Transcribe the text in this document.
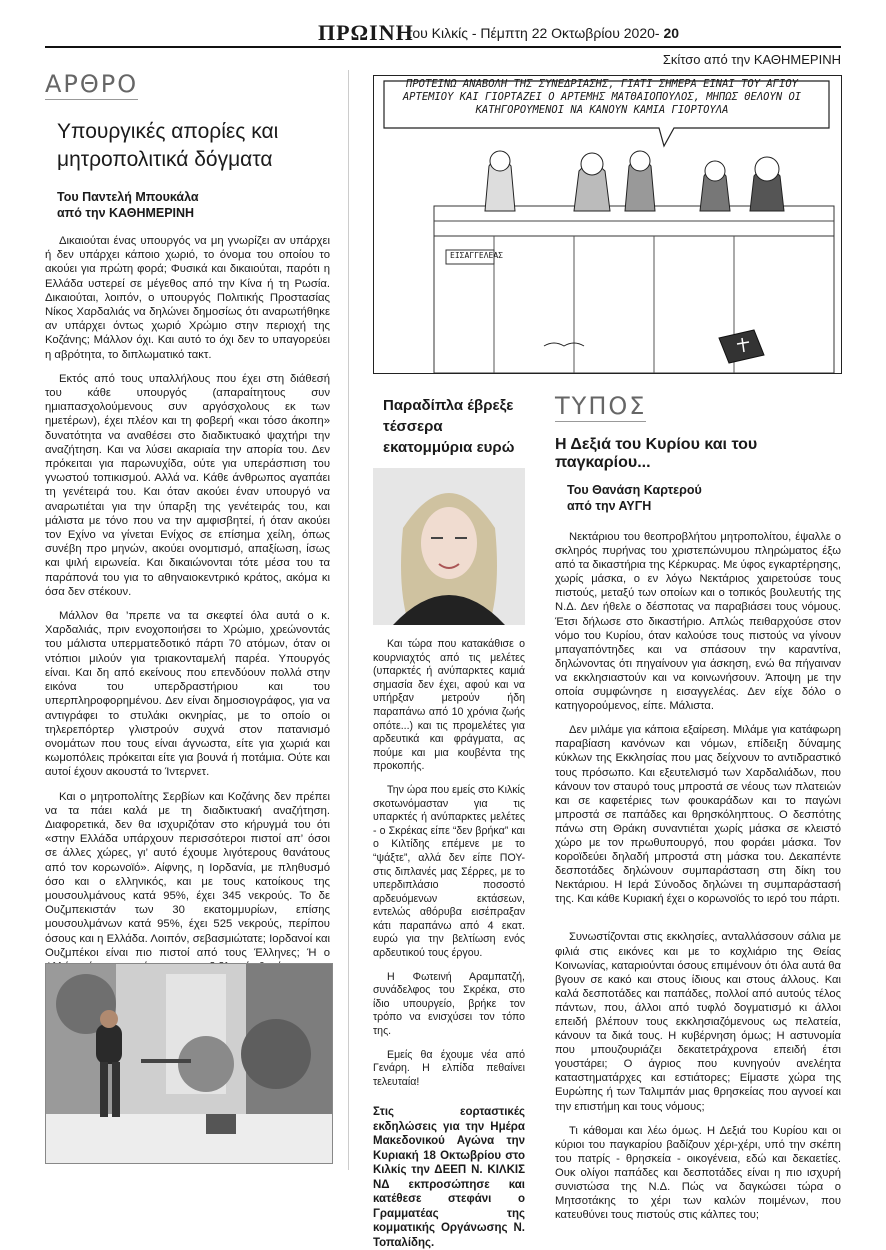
ΠΡΩΙΝΗ
του Κιλκίς - Πέμπτη 22 Οκτωβρίου 2020- 20
Σκίτσο από την ΚΑΘΗΜΕΡΙΝΗ
ΑΡΘΡΟ
Υπουργικές απορίες και μητροπολιτικά δόγματα
Του Παντελή Μπουκάλα
από την ΚΑΘΗΜΕΡΙΝΗ

Δικαιούται ένας υπουργός να μη γνωρίζει αν υπάρχει ή δεν υπάρχει κάποιο χωριό, το όνομα του οποίου το ακούει για πρώτη φορά; Φυσικά και δικαιούται, παρότι η Ελλάδα υστερεί σε μέγεθος από την Κίνα ή τη Ρωσία. Δικαιούται, λοιπόν, ο υπουργός Πολιτικής Προστασίας Νίκος Χαρδαλιάς να δηλώνει δημοσίως ότι αναρωτήθηκε αν υπάρχει όντως χωριό Χρώμιο στην περιοχή της Κοζάνης; Μάλλον όχι. Και αυτό το όχι δεν το υπαγορεύει η αβρότητα, το διπλωματικό τακτ.

Εκτός από τους υπαλλήλους που έχει στη διάθεσή του κάθε υπουργός (απαραίτητους συν ημιαπασχολούμενους συν αργόσχολους εκ των ημετέρων), έχει πλέον και τη φοβερή «και τόσο άκοπη» δυνατότητα να αναθέσει στο διαδικτυακό ψαχτήρι την αναζήτηση. Και να λύσει ακαριαία την απορία του. Δεν πρόκειται για παρωνυχίδα, ούτε για υπεράσπιση του γνωστού τοπικισμού. Αλλά να. Κάθε άνθρωπος αγαπάει τη γενέτειρά του. Και όταν ακούει έναν υπουργό να αναρωτιέται για την ύπαρξη της γενέτειράς του, και μάλιστα με τόνο που να την αμφισβητεί, ή όταν ακούει τον Εχίνο να γίνεται Ενίχος σε επίσημα χείλη, όπως συνέβη προ μηνών, ακούει ονομτισμό, απαξίωση, ίσως και ψιλή ειρωνεία. Και δικαιώνονται τότε μέσα του τα παράπονά του για το αθηναιοκεντρικό κράτος, ακόμα κι όσα δεν στέκουν.

Μάλλον θα ’πρεπε να τα σκεφτεί όλα αυτά ο κ. Χαρδαλιάς, πριν ενοχοποιήσει το Χρώμιο, χρεώνοντάς του μάλιστα υπερματεδοτικό πάρτι 70 ατόμων, όταν οι ντόπιοι μιλούν για τριακονταμελή παρέα. Υπουργός είναι. Και δη από εκείνους που επενδύουν πολλά στην εικόνα του υπερδραστήριου και του υπερπληροφορημένου. Δεν είναι δημοσιογράφος, για να αντιγράφει το στυλάκι οκνηρίας, με το οποίο οι τηλερεπόρτερ γλιστρούν συχνά στον πατανισμό ονομάτων που τους είναι άγνωστα, είτε για χωριά και κωμοπόλεις πρόκειται είτε για βουνά ή ποτάμια. Ούτε και αυτοί έχουν ακουστά το Ίντερνετ.

Και ο μητροπολίτης Σερβίων και Κοζάνης δεν πρέπει να τα πάει καλά με τη διαδικτυακή αναζήτηση. Διαφορετικά, δεν θα ισχυριζόταν στο κήρυγμά του ότι «στην Ελλάδα υπάρχουν περισσότεροι πιστοί απ’ όσοι σε άλλες χώρες, γι’ αυτό έχουμε λιγότερους θανάτους από τον κορωνοϊό». Αίφνης, η Ιορδανία, με πληθυσμό όσο και ο ελληνικός, και με τους κατοίκους της μουσουλμάνους κατά 95%, έχει 345 νεκρούς. Το δε Ουζμπεκιστάν των 30 εκατομμυρίων, επίσης μουσουλμάνων κατά 95%, έχει 525 νεκρούς, περίπου όσους και η Ελλάδα. Λοιπόν, σεβασμιώτατε; Ιορδανοί και Ουζμπέκοι είναι πιο πιστοί από τους Έλληνες; Ή ο

ΠΡΟΤΕΙΝΩ ΑΝΑΒΟΛΗ ΤΗΣ ΣΥΝΕΔΡΙΑΣΗΣ, ΓΙΑΤΙ ΣΗΜΕΡΑ ΕΙΝΑΙ ΤΟΥ ΑΓΙΟΥ ΑΡΤΕΜΙΟΥ ΚΑΙ ΓΙΟΡΤΑΖΕΙ Ο ΑΡΤΕΜΗΣ ΜΑΤΘΑΙΟΠΟΥΛΟΣ, ΜΗΠΩΣ ΘΕΛΟΥΝ ΟΙ ΚΑΤΗΓΟΡΟΥΜΕΝΟΙ ΝΑ ΚΑΝΟΥΝ ΚΑΜΙΑ ΓΙΟΡΤΟΥΛΑ
ΕΙΣΑΓΓΕΛΕΑΣ
Παραδίπλα έβρεξε τέσσερα εκατομμύρια ευρώ

Και τώρα που κατακάθισε ο κουρνιαχτός από τις μελέτες (υπαρκτές ή ανύπαρκτες καμιά σημασία δεν έχει, αφού και να υπήρξαν μετρούν ήδη παραπάνω από 10 χρόνια ζωής οπότε...) και τις προμελέτες για αρδευτικά και φράγματα, ας πούμε και μια κουβέντα της προκοπής.

Την ώρα που εμείς στο Κιλκίς σκοτωνόμασταν για τις υπαρκτές ή ανύπαρκτες μελέτες - ο Σκρέκας είπε “δεν βρήκα” και ο Κιλτίδης επέμενε με το “ψάξτε”, αλλά δεν είπε ΠΟΥ- στις διπλανές μας Σέρρες, με το υπερδιπλάσιο ποσοστό αρδευόμενων εκτάσεων, εντελώς αθόρυβα εισέπραξαν κάτι παραπάνω από 4 εκατ. ευρώ για την βελτίωση ενός αρδευτικού τους έργου.

Η Φωτεινή Αραμπατζή, συνάδελφος του Σκρέκα, στο ίδιο υπουργείο, βρήκε τον τρόπο να ενισχύσει τον τόπο της.

Εμείς θα έχουμε νέα από Γενάρη. Η ελπίδα πεθαίνει τελευταία!

Στις εορταστικές εκδηλώσεις για την Ημέρα Μακεδονικού Αγώνα την Κυριακή 18 Οκτωβρίου στο Κιλκίς την ΔΕΕΠ Ν. ΚΙΛΚΙΣ ΝΔ εκπροσώπησε και κατέθεσε στεφάνι ο Γραμματέας της κομματικής Οργάνωσης Ν. Τοπαλίδης.
ΤΥΠΟΣ
Η Δεξιά του Κυρίου και του παγκαρίου...
Του Θανάση Καρτερού
από την ΑΥΓΗ

Νεκτάριου του θεοπροβλήτου μητροπολίτου, έψαλλε ο σκληρός πυρήνας του χριστεπώνυμου πληρώματος έξω από τα δικαστήρια της Κέρκυρας. Με ύφος εγκαρτέρησης, χωρίς μάσκα, ο εν λόγω Νεκτάριος χαιρετούσε τους πιστούς, μεταξύ των οποίων και ο τοπικός βουλευτής της Ν.Δ. Δεν ήθελε ο δέσποτας να παραβιάσει τους νόμους. Έτσι δήλωσε στο δικαστήριο. Απλώς πειθαρχούσε στον νόμο του Κυρίου, όταν καλούσε τους πιστούς να γίνουν μπαγαπόντηδες και να σπάσουν την καραντίνα, δηλώνοντας ότι πηγαίνουν για άσκηση, ενώ θα πήγαιναν να εκκλησιαστούν και να κοινωνήσουν. Άποψη με την οποία συμφώνησε η εισαγγελέας. Δεν είχε δόλο ο κατηγορούμενος, είπε. Μάλιστα.

Δεν μιλάμε για κάποια εξαίρεση. Μιλάμε για κατάφωρη παραβίαση κανόνων και νόμων, επίδειξη δύναμης κύκλων της Εκκλησίας που μας δείχνουν το αντιδραστικό τους πρόσωπο. Και εξευτελισμό των Χαρδαλιάδων, που κάνουν τον σταυρό τους μπροστά σε νέους των πλατειών και σε καφετέριες των φουκαράδων και το παγώνι μπροστά σε παπάδες και θρησκόληπτους. Ο δεσπότης πάνω στη Θράκη συναντιέται χωρίς μάσκα σε κλειστό χώρο με τον πρωθυπουργό, που φοράει μάσκα. Τον κοροϊδεύει δηλαδή μπροστά στη μάσκα του. Δεκαπέντε δεσποτάδες δηλώνουν συμπαράσταση στη δίκη του Νεκτάριου. Η Ιερά Σύνοδος δηλώνει τη συμπαράστασή της. Και κάθε Κυριακή έχει ο κορωνοϊός το ιερό του πάρτι.

Συνωστίζονται στις εκκλησίες, ανταλλάσσουν σάλια με φιλιά στις εικόνες και με το κοχλιάριο της Θείας Κοινωνίας, καταριούνται όσους επιμένουν ότι όλα αυτά θα βγουν σε κακό και στους ίδιους και στους άλλους. Και καλά δεσποτάδες και παπάδες, πολλοί από αυτούς τέλος πάντων, που, άλλοι από τυφλό δογματισμό κι άλλοι επειδή βλέπουν τους εκκλησιαζόμενους ως πελατεία, κάνουν τα δικά τους. Η κυβέρνηση όμως; Η αστυνομία που μπουζουριάζει δεκατετράχρονα επειδή έτσι γουστάρει; Ο άγριος που κυνηγούν ανελέητα καταστηματάρχες και εστιάτορες; Είμαστε χώρα της Ευρώπης ή των Ταλιμπάν μιας θρησκείας που αγνοεί και την επιστήμη και τους νόμους;

Τι κάθομαι και λέω όμως. Η Δεξιά του Κυρίου και οι κύριοι του παγκαρίου βαδίζουν χέρι-χέρι, υπό την σκέπη του πατρίς - θρησκεία - οικογένεια, εδώ και δεκαετίες. Ουκ ολίγοι παπάδες και δεσποτάδες είναι η πιο ισχυρή συνιστώσα της Ν.Δ. Πώς να δαγκώσει τώρα ο Μητσοτάκης το χέρι των καλών ποιμένων, που κατευθύνει τους πιστούς στις κάλπες του;
